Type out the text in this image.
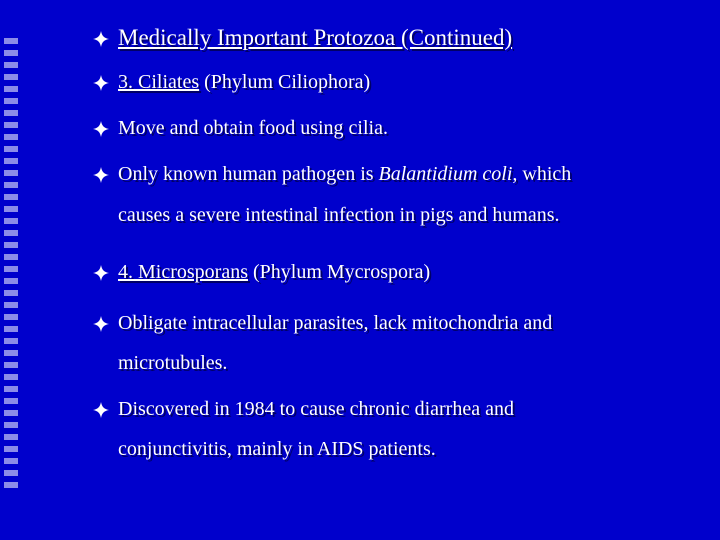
Medically Important Protozoa (Continued)
3. Ciliates (Phylum Ciliophora)
Move and obtain food using cilia.
Only known human pathogen is Balantidium coli, which
causes a severe intestinal infection in pigs and humans.
4. Microsporans (Phylum Mycrospora)
Obligate intracellular parasites, lack mitochondria and
microtubules.
Discovered in 1984 to cause chronic diarrhea and
conjunctivitis, mainly in AIDS patients.
